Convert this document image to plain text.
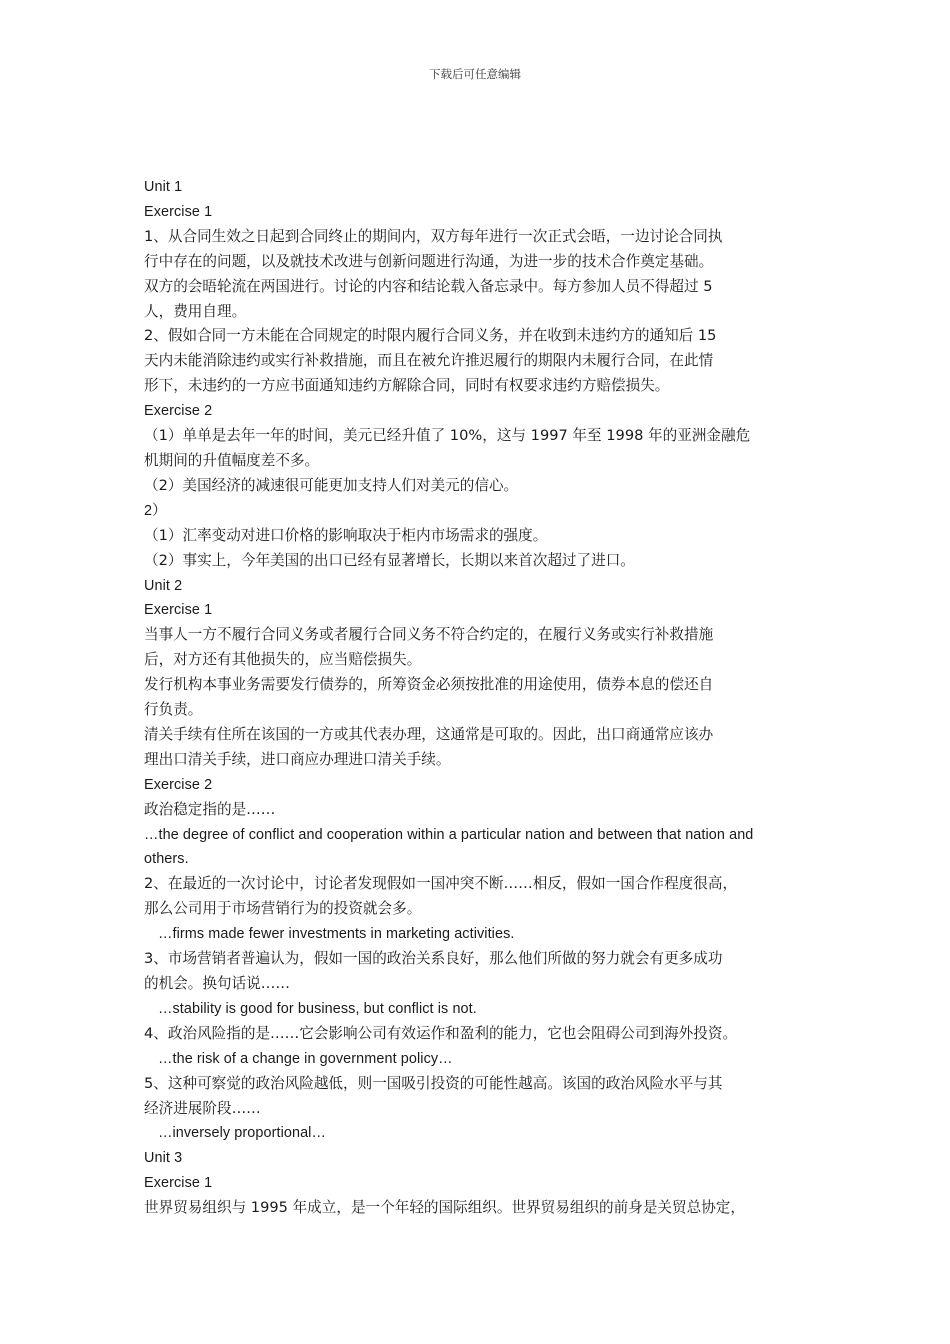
下载后可任意编辑
Unit 1
Exercise 1
1、从合同生效之日起到合同终止的期间内，双方每年进行一次正式会晤，一边讨论合同执
行中存在的问题，以及就技术改进与创新问题进行沟通，为进一步的技术合作奠定基础。
双方的会晤轮流在两国进行。讨论的内容和结论载入备忘录中。每方参加人员不得超过 5
人，费用自理。
2、假如合同一方未能在合同规定的时限内履行合同义务，并在收到未违约方的通知后 15
天内未能消除违约或实行补救措施，而且在被允许推迟履行的期限内未履行合同，在此情
形下，未违约的一方应书面通知违约方解除合同，同时有权要求违约方赔偿损失。
Exercise 2
（1）单单是去年一年的时间，美元已经升值了 10%，这与 1997 年至 1998 年的亚洲金融危
机期间的升值幅度差不多。
（2）美国经济的减速很可能更加支持人们对美元的信心。
2）
（1）汇率变动对进口价格的影响取决于柜内市场需求的强度。
（2）事实上，今年美国的出口已经有显著增长，长期以来首次超过了进口。
Unit 2
Exercise 1
当事人一方不履行合同义务或者履行合同义务不符合约定的，在履行义务或实行补救措施
后，对方还有其他损失的，应当赔偿损失。
发行机构本事业务需要发行债券的，所筹资金必须按批准的用途使用，债券本息的偿还自
行负责。
清关手续有住所在该国的一方或其代表办理，这通常是可取的。因此，出口商通常应该办
理出口清关手续，进口商应办理进口清关手续。
Exercise 2
政治稳定指的是……
…the degree of conflict and cooperation within a particular nation and between that nation and
others.
2、在最近的一次讨论中，讨论者发现假如一国冲突不断……相反，假如一国合作程度很高，
那么公司用于市场营销行为的投资就会多。
…firms made fewer investments in marketing activities.
3、市场营销者普遍认为，假如一国的政治关系良好，那么他们所做的努力就会有更多成功
的机会。换句话说……
…stability is good for business, but conflict is not.
4、政治风险指的是……它会影响公司有效运作和盈利的能力，它也会阻碍公司到海外投资。
…the risk of a change in government policy…
5、这种可察觉的政治风险越低，则一国吸引投资的可能性越高。该国的政治风险水平与其
经济进展阶段……
…inversely proportional…
Unit 3
Exercise 1
世界贸易组织与 1995 年成立，是一个年轻的国际组织。世界贸易组织的前身是关贸总协定，
